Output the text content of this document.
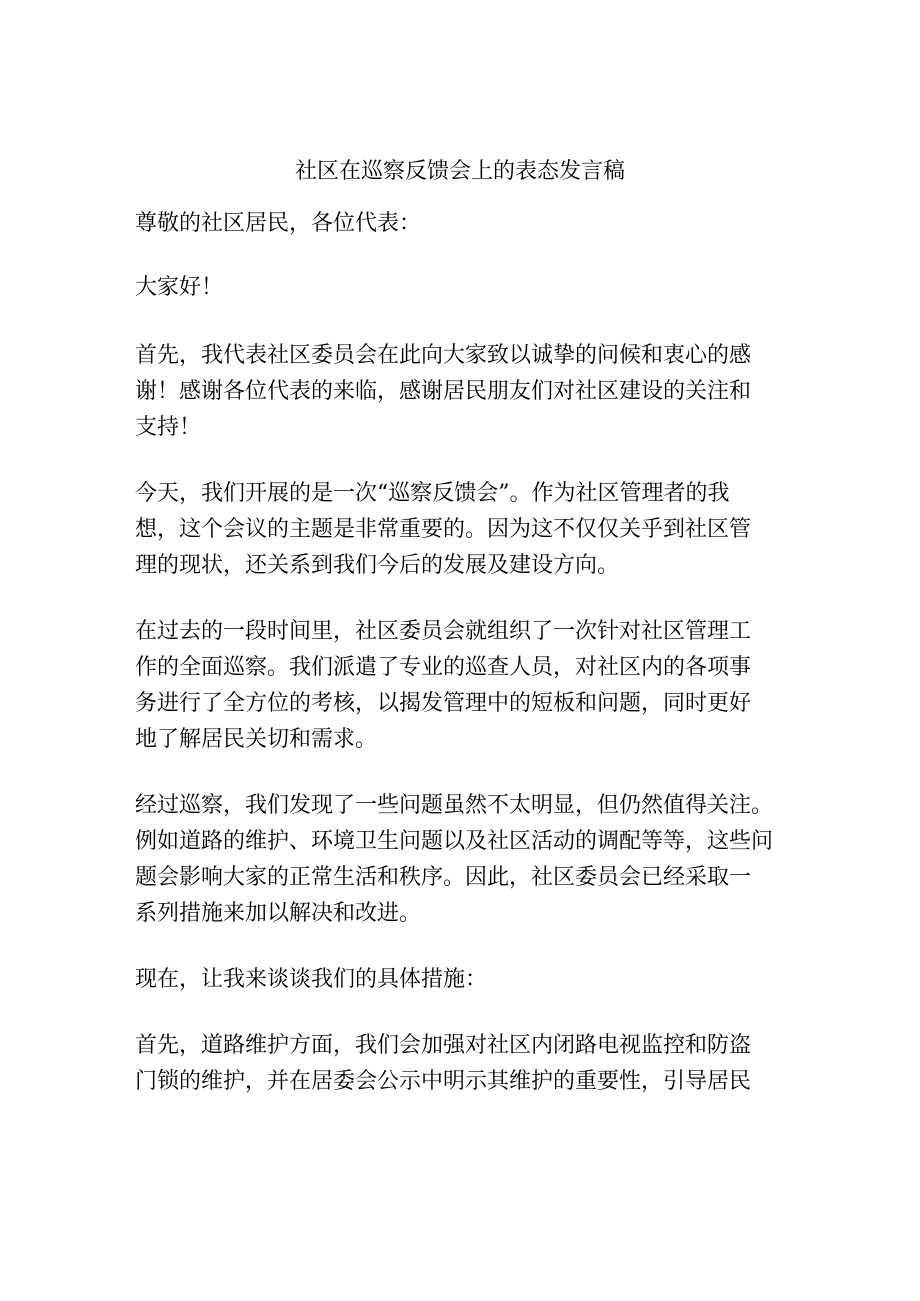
社区在巡察反馈会上的表态发言稿

尊敬的社区居民，各位代表：

大家好！

首先，我代表社区委员会在此向大家致以诚挚的问候和衷心的感
谢！感谢各位代表的来临，感谢居民朋友们对社区建设的关注和
支持！

今天，我们开展的是一次“巡察反馈会”。作为社区管理者的我
想，这个会议的主题是非常重要的。因为这不仅仅关乎到社区管
理的现状，还关系到我们今后的发展及建设方向。

在过去的一段时间里，社区委员会就组织了一次针对社区管理工
作的全面巡察。我们派遣了专业的巡查人员，对社区内的各项事
务进行了全方位的考核，以揭发管理中的短板和问题，同时更好
地了解居民关切和需求。

经过巡察，我们发现了一些问题虽然不太明显，但仍然值得关注。
例如道路的维护、环境卫生问题以及社区活动的调配等等，这些问
题会影响大家的正常生活和秩序。因此，社区委员会已经采取一
系列措施来加以解决和改进。

现在，让我来谈谈我们的具体措施：

首先，道路维护方面，我们会加强对社区内闭路电视监控和防盗
门锁的维护，并在居委会公示中明示其维护的重要性，引导居民
